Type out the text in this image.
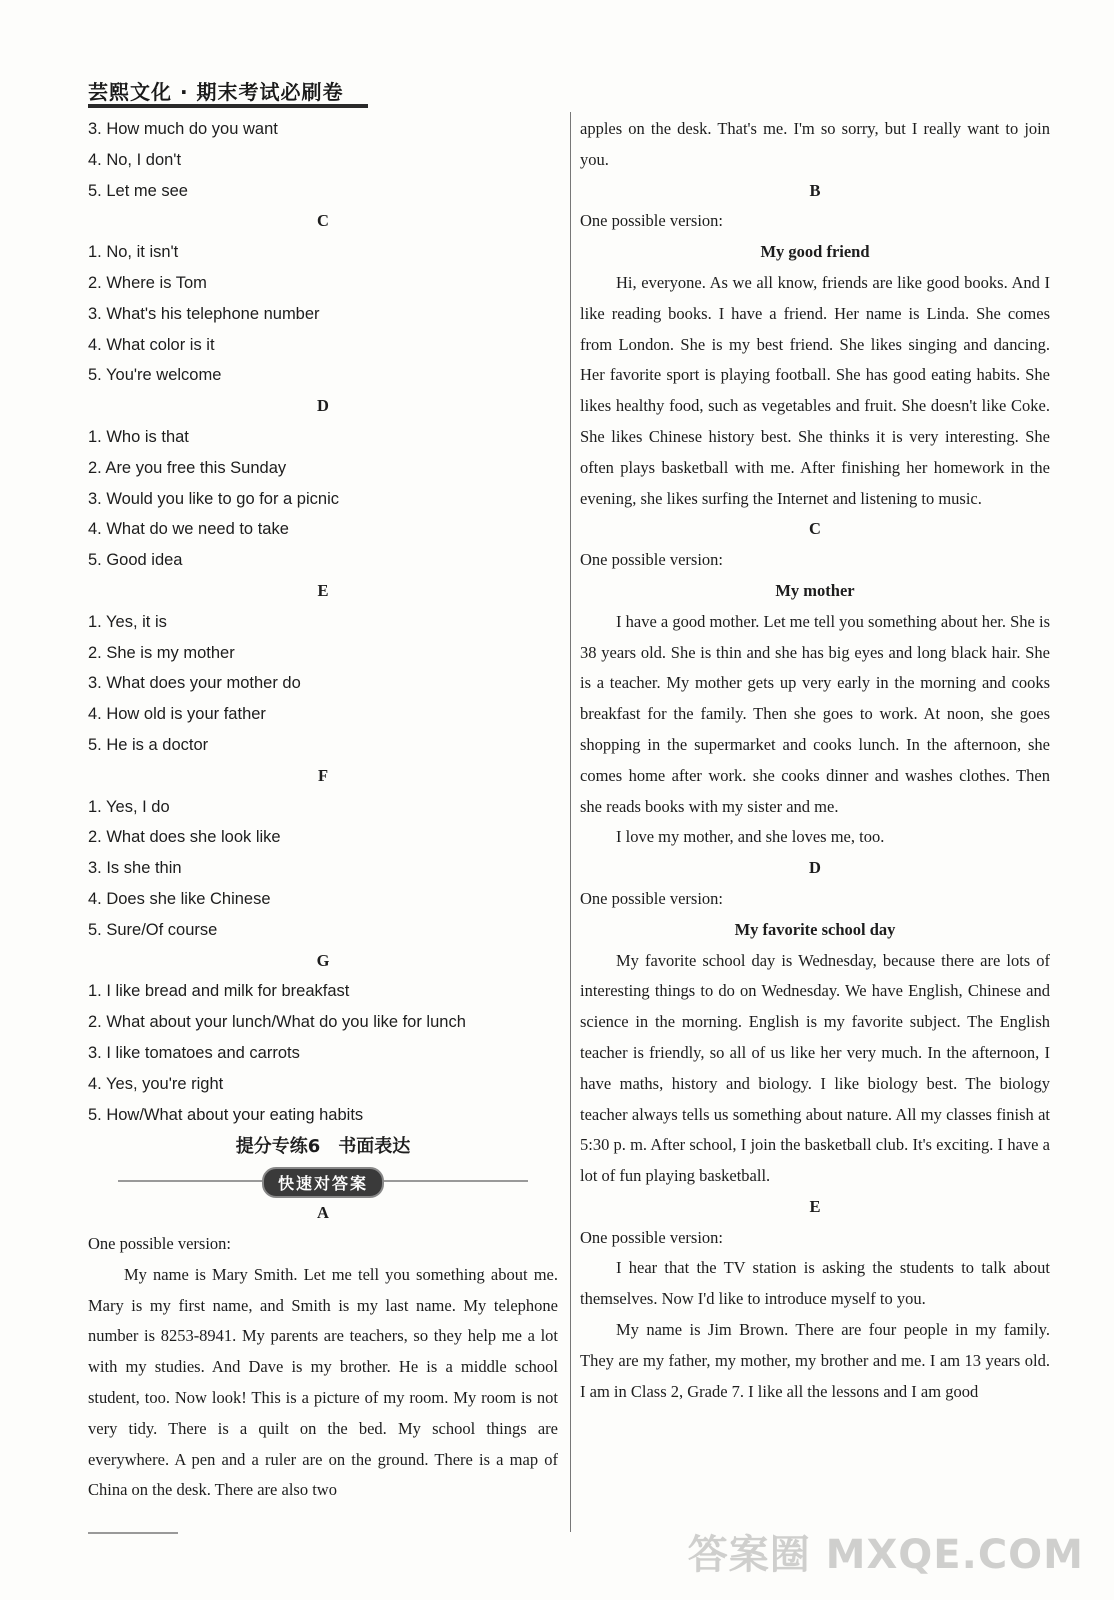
芸熙文化 · 期末考试必刷卷
3. How much do you want
4. No, I don't
5. Let me see
C
1. No, it isn't
2. Where is Tom
3. What's his telephone number
4. What color is it
5. You're welcome
D
1. Who is that
2. Are you free this Sunday
3. Would you like to go for a picnic
4. What do we need to take
5. Good idea
E
1. Yes, it is
2. She is my mother
3. What does your mother do
4. How old is your father
5. He is a doctor
F
1. Yes, I do
2. What does she look like
3. Is she thin
4. Does she like Chinese
5. Sure/Of course
G
1. I like bread and milk for breakfast
2. What about your lunch/What do you like for lunch
3. I like tomatoes and carrots
4. Yes, you're right
5. How/What about your eating habits
提分专练6　书面表达
快速对答案
A
One possible version:
My name is Mary Smith. Let me tell you something about me. Mary is my first name, and Smith is my last name. My telephone number is 8253-8941. My parents are teachers, so they help me a lot with my studies. And Dave is my brother. He is a middle school student, too. Now look! This is a picture of my room. My room is not very tidy. There is a quilt on the bed. My school things are everywhere. A pen and a ruler are on the ground. There is a map of China on the desk. There are also two
apples on the desk. That's me. I'm so sorry, but I really want to join you.
B
One possible version:
My good friend
Hi, everyone. As we all know, friends are like good books. And I like reading books. I have a friend. Her name is Linda. She comes from London. She is my best friend. She likes singing and dancing. Her favorite sport is playing football. She has good eating habits. She likes healthy food, such as vegetables and fruit. She doesn't like Coke. She likes Chinese history best. She thinks it is very interesting. She often plays basketball with me. After finishing her homework in the evening, she likes surfing the Internet and listening to music.
C
One possible version:
My mother
I have a good mother. Let me tell you something about her. She is 38 years old. She is thin and she has big eyes and long black hair. She is a teacher. My mother gets up very early in the morning and cooks breakfast for the family. Then she goes to work. At noon, she goes shopping in the supermarket and cooks lunch. In the afternoon, she comes home after work. she cooks dinner and washes clothes. Then she reads books with my sister and me.
I love my mother, and she loves me, too.
D
One possible version:
My favorite school day
My favorite school day is Wednesday, because there are lots of interesting things to do on Wednesday. We have English, Chinese and science in the morning. English is my favorite subject. The English teacher is friendly, so all of us like her very much. In the afternoon, I have maths, history and biology. I like biology best. The biology teacher always tells us something about nature. All my classes finish at 5:30 p. m. After school, I join the basketball club. It's exciting. I have a lot of fun playing basketball.
E
One possible version:
I hear that the TV station is asking the students to talk about themselves. Now I'd like to introduce myself to you.
My name is Jim Brown. There are four people in my family. They are my father, my mother, my brother and me. I am 13 years old. I am in Class 2, Grade 7. I like all the lessons and I am good
答案圈 MXQE.COM
